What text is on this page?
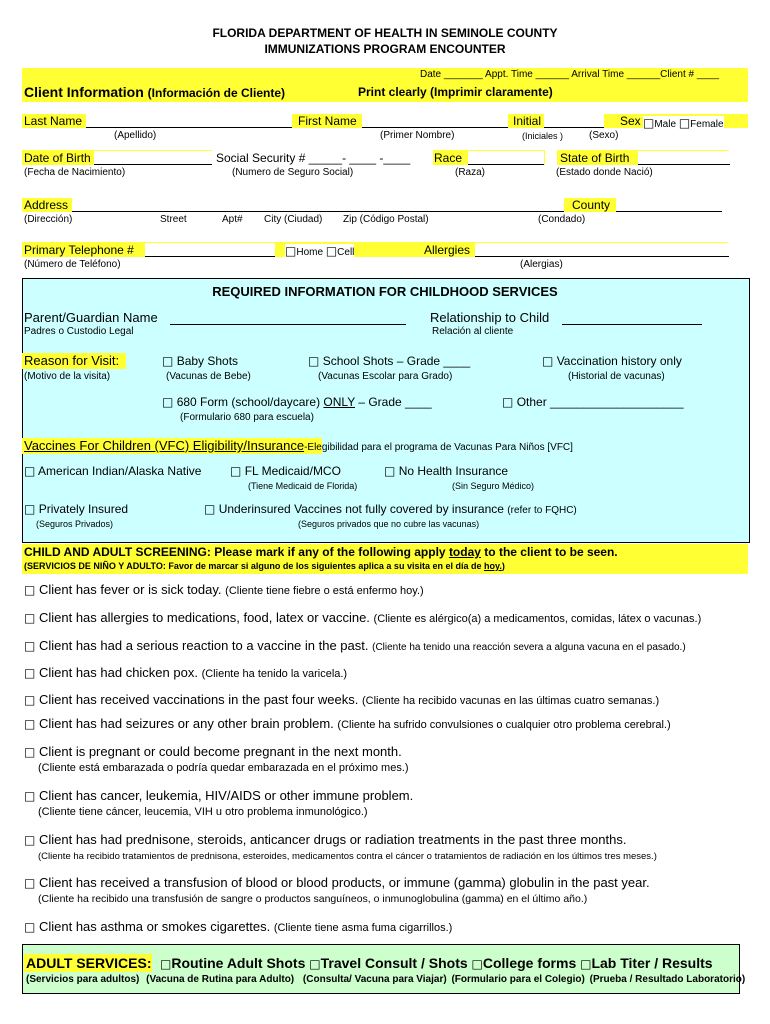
FLORIDA DEPARTMENT OF HEALTH IN SEMINOLE COUNTY
IMMUNIZATIONS PROGRAM ENCOUNTER
Date _______ Appt. Time ______ Arrival Time ______Client # ____
Client Information (Información de Cliente)	Print clearly (Imprimir claramente)
Last Name	First Name	Initial	Sex □Male □Female
(Apellido)	(Primer Nombre)	(Iniciales )	(Sexo)
Date of Birth	Social Security # _____- ____ -____ Race	State of Birth
(Fecha de Nacimiento)	(Numero de Seguro Social)	(Raza)	(Estado donde Nació)
Address	County
(Dirección)	Street	Apt# City (Ciudad) Zip (Código Postal)	(Condado)
Primary Telephone #	□Home □Cell	Allergies
(Número de Teléfono)	(Alergias)
REQUIRED INFORMATION FOR CHILDHOOD SERVICES
Parent/Guardian Name	Relationship to Child
Padres o Custodio Legal	Relación al cliente
Reason for Visit:
(Motivo de la visita)
□ Baby Shots
(Vacunas de Bebe)
□ School Shots – Grade ____
(Vacunas Escolar para Grado)
□ Vaccination history only
(Historial de vacunas)
□ 680 Form (school/daycare) ONLY – Grade ____
(Formulario 680 para escuela)
□ Other ____________________
Vaccines For Children (VFC) Eligibility/Insurance-Elegibilidad para el programa de Vacunas Para Niños [VFC]
□ American Indian/Alaska Native □ FL Medicaid/MCO
(Tiene Medicaid de Florida)
□ No Health Insurance
(Sin Seguro Médico)
□ Privately Insured
(Seguros Privados)
□ Underinsured Vaccines not fully covered by insurance (refer to FQHC)
(Seguros privados que no cubre las vacunas)
CHILD AND ADULT SCREENING: Please mark if any of the following apply today to the client to be seen.
(SERVICIOS DE NIÑO Y ADULTO: Favor de marcar si alguno de los siguientes aplica a su visita en el día de hoy.)
□ Client has fever or is sick today. (Cliente tiene fiebre o está enfermo hoy.)
□ Client has allergies to medications, food, latex or vaccine. (Cliente es alérgico(a) a medicamentos, comidas, látex o vacunas.)
□ Client has had a serious reaction to a vaccine in the past. (Cliente ha tenido una reacción severa a alguna vacuna en el pasado.)
□ Client has had chicken pox. (Cliente ha tenido la varicela.)
□ Client has received vaccinations in the past four weeks. (Cliente ha recibido vacunas en las últimas cuatro semanas.)
□ Client has had seizures or any other brain problem. (Cliente ha sufrido convulsiones o cualquier otro problema cerebral.)
□ Client is pregnant or could become pregnant in the next month.
(Cliente está embarazada o podría quedar embarazada en el próximo mes.)
□ Client has cancer, leukemia, HIV/AIDS or other immune problem.
(Cliente tiene cáncer, leucemia, VIH u otro problema inmunológico.)
□ Client has had prednisone, steroids, anticancer drugs or radiation treatments in the past three months.
(Cliente ha recibido tratamientos de prednisona, esteroides, medicamentos contra el cáncer o tratamientos de radiación en los últimos tres meses.)
□ Client has received a transfusion of blood or blood products, or immune (gamma) globulin in the past year.
(Cliente ha recibido una transfusión de sangre o productos sanguíneos, o inmunoglobulina (gamma) en el último año.)
□ Client has asthma or smokes cigarettes. (Cliente tiene asma fuma cigarrillos.)
ADULT SERVICES: □Routine Adult Shots □Travel Consult / Shots □College forms □Lab Titer / Results
(Servicios para adultos) (Vacuna de Rutina para Adulto) (Consulta/ Vacuna para Viajar) (Formulario para el Colegio) (Prueba / Resultado Laboratorio)
